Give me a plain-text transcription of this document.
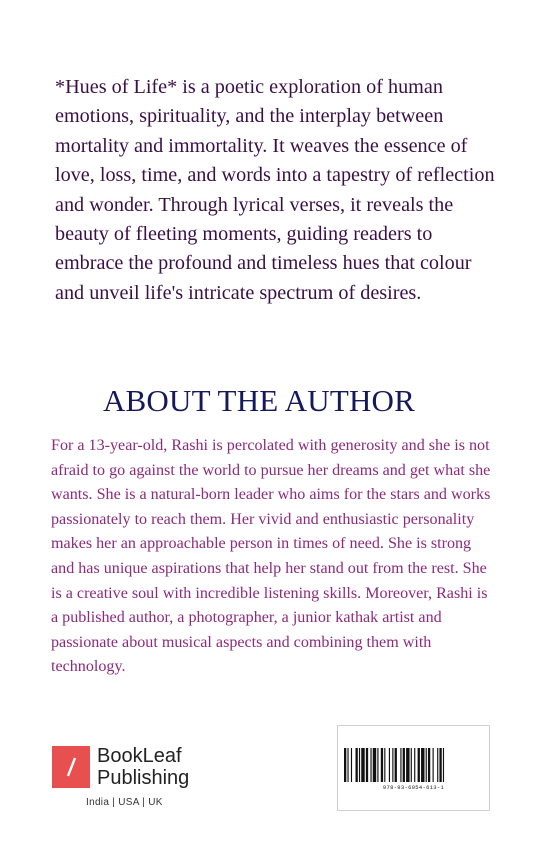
*Hues of Life* is a poetic exploration of human emotions, spirituality, and the interplay between mortality and immortality. It weaves the essence of love, loss, time, and words into a tapestry of reflection and wonder. Through lyrical verses, it reveals the beauty of fleeting moments, guiding readers to embrace the profound and timeless hues that colour and unveil life's intricate spectrum of desires.

ABOUT THE AUTHOR

For a 13-year-old, Rashi is percolated with generosity and she is not afraid to go against the world to pursue her dreams and get what she wants. She is a natural-born leader who aims for the stars and works passionately to reach them. Her vivid and enthusiastic personality makes her an approachable person in times of need. She is strong and has unique aspirations that help her stand out from the rest. She is a creative soul with incredible listening skills. Moreover, Rashi is a published author, a photographer, a junior kathak artist and passionate about musical aspects and combining them with technology.

BookLeaf
Publishing
India | USA | UK
978-93-6954-613-1
